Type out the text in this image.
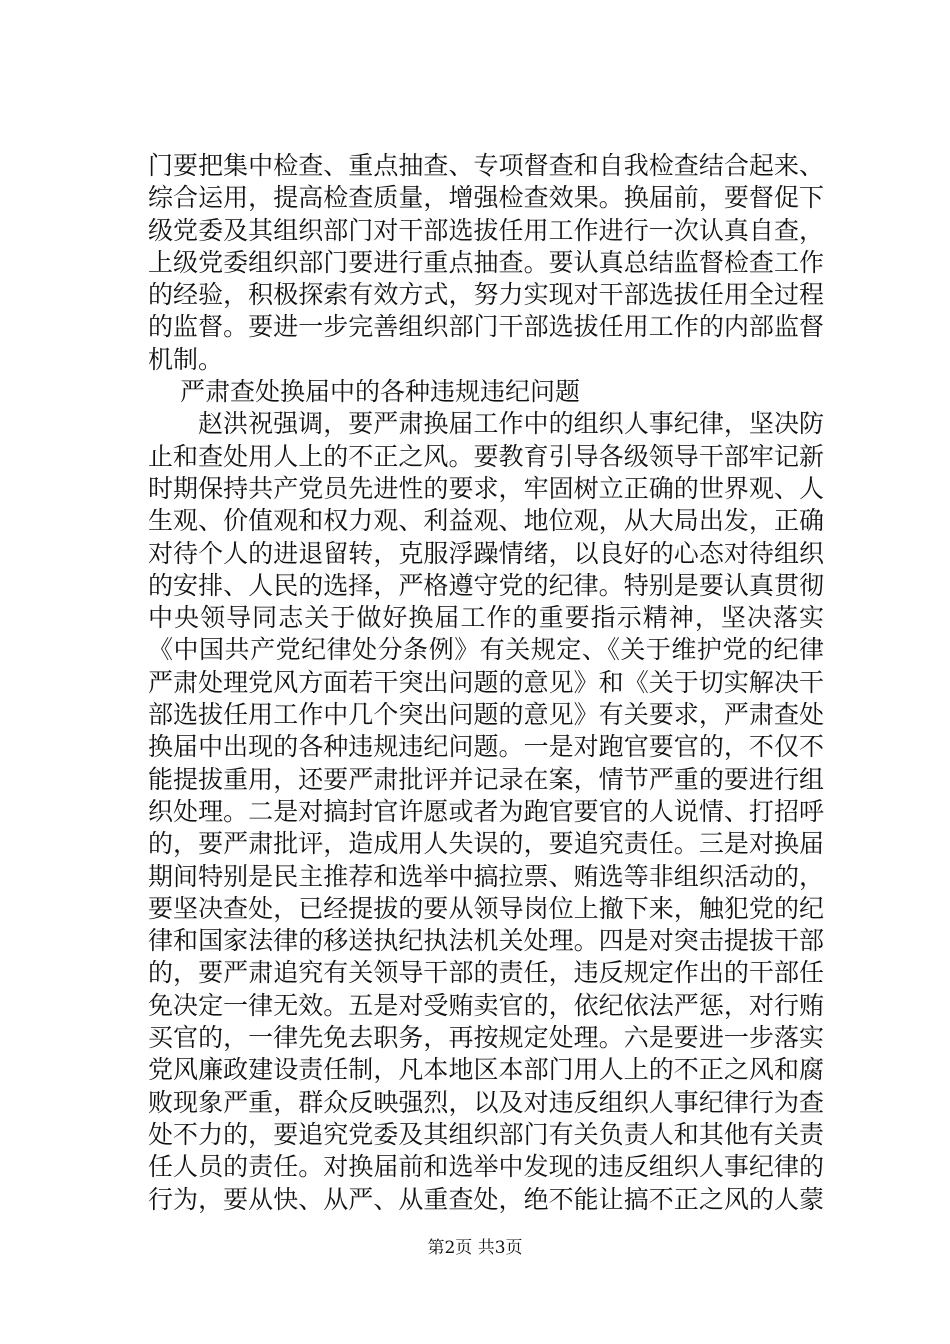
门要把集中检查、重点抽查、专项督查和自我检查结合起来、
综合运用，提高检查质量，增强检查效果。换届前，要督促下
级党委及其组织部门对干部选拔任用工作进行一次认真自查，
上级党委组织部门要进行重点抽查。要认真总结监督检查工作
的经验，积极探索有效方式，努力实现对干部选拔任用全过程
的监督。要进一步完善组织部门干部选拔任用工作的内部监督
机制。
严肃查处换届中的各种违规违纪问题
赵洪祝强调，要严肃换届工作中的组织人事纪律，坚决防
止和查处用人上的不正之风。要教育引导各级领导干部牢记新
时期保持共产党员先进性的要求，牢固树立正确的世界观、人
生观、价值观和权力观、利益观、地位观，从大局出发，正确
对待个人的进退留转，克服浮躁情绪，以良好的心态对待组织
的安排、人民的选择，严格遵守党的纪律。特别是要认真贯彻
中央领导同志关于做好换届工作的重要指示精神，坚决落实
《中国共产党纪律处分条例》有关规定、《关于维护党的纪律
严肃处理党风方面若干突出问题的意见》和《关于切实解决干
部选拔任用工作中几个突出问题的意见》有关要求，严肃查处
换届中出现的各种违规违纪问题。一是对跑官要官的，不仅不
能提拔重用，还要严肃批评并记录在案，情节严重的要进行组
织处理。二是对搞封官许愿或者为跑官要官的人说情、打招呼
的，要严肃批评，造成用人失误的，要追究责任。三是对换届
期间特别是民主推荐和选举中搞拉票、贿选等非组织活动的，
要坚决查处，已经提拔的要从领导岗位上撤下来，触犯党的纪
律和国家法律的移送执纪执法机关处理。四是对突击提拔干部
的，要严肃追究有关领导干部的责任，违反规定作出的干部任
免决定一律无效。五是对受贿卖官的，依纪依法严惩，对行贿
买官的，一律先免去职务，再按规定处理。六是要进一步落实
党风廉政建设责任制，凡本地区本部门用人上的不正之风和腐
败现象严重，群众反映强烈，以及对违反组织人事纪律行为查
处不力的，要追究党委及其组织部门有关负责人和其他有关责
任人员的责任。对换届前和选举中发现的违反组织人事纪律的
行为，要从快、从严、从重查处，绝不能让搞不正之风的人蒙
第2页 共3页
